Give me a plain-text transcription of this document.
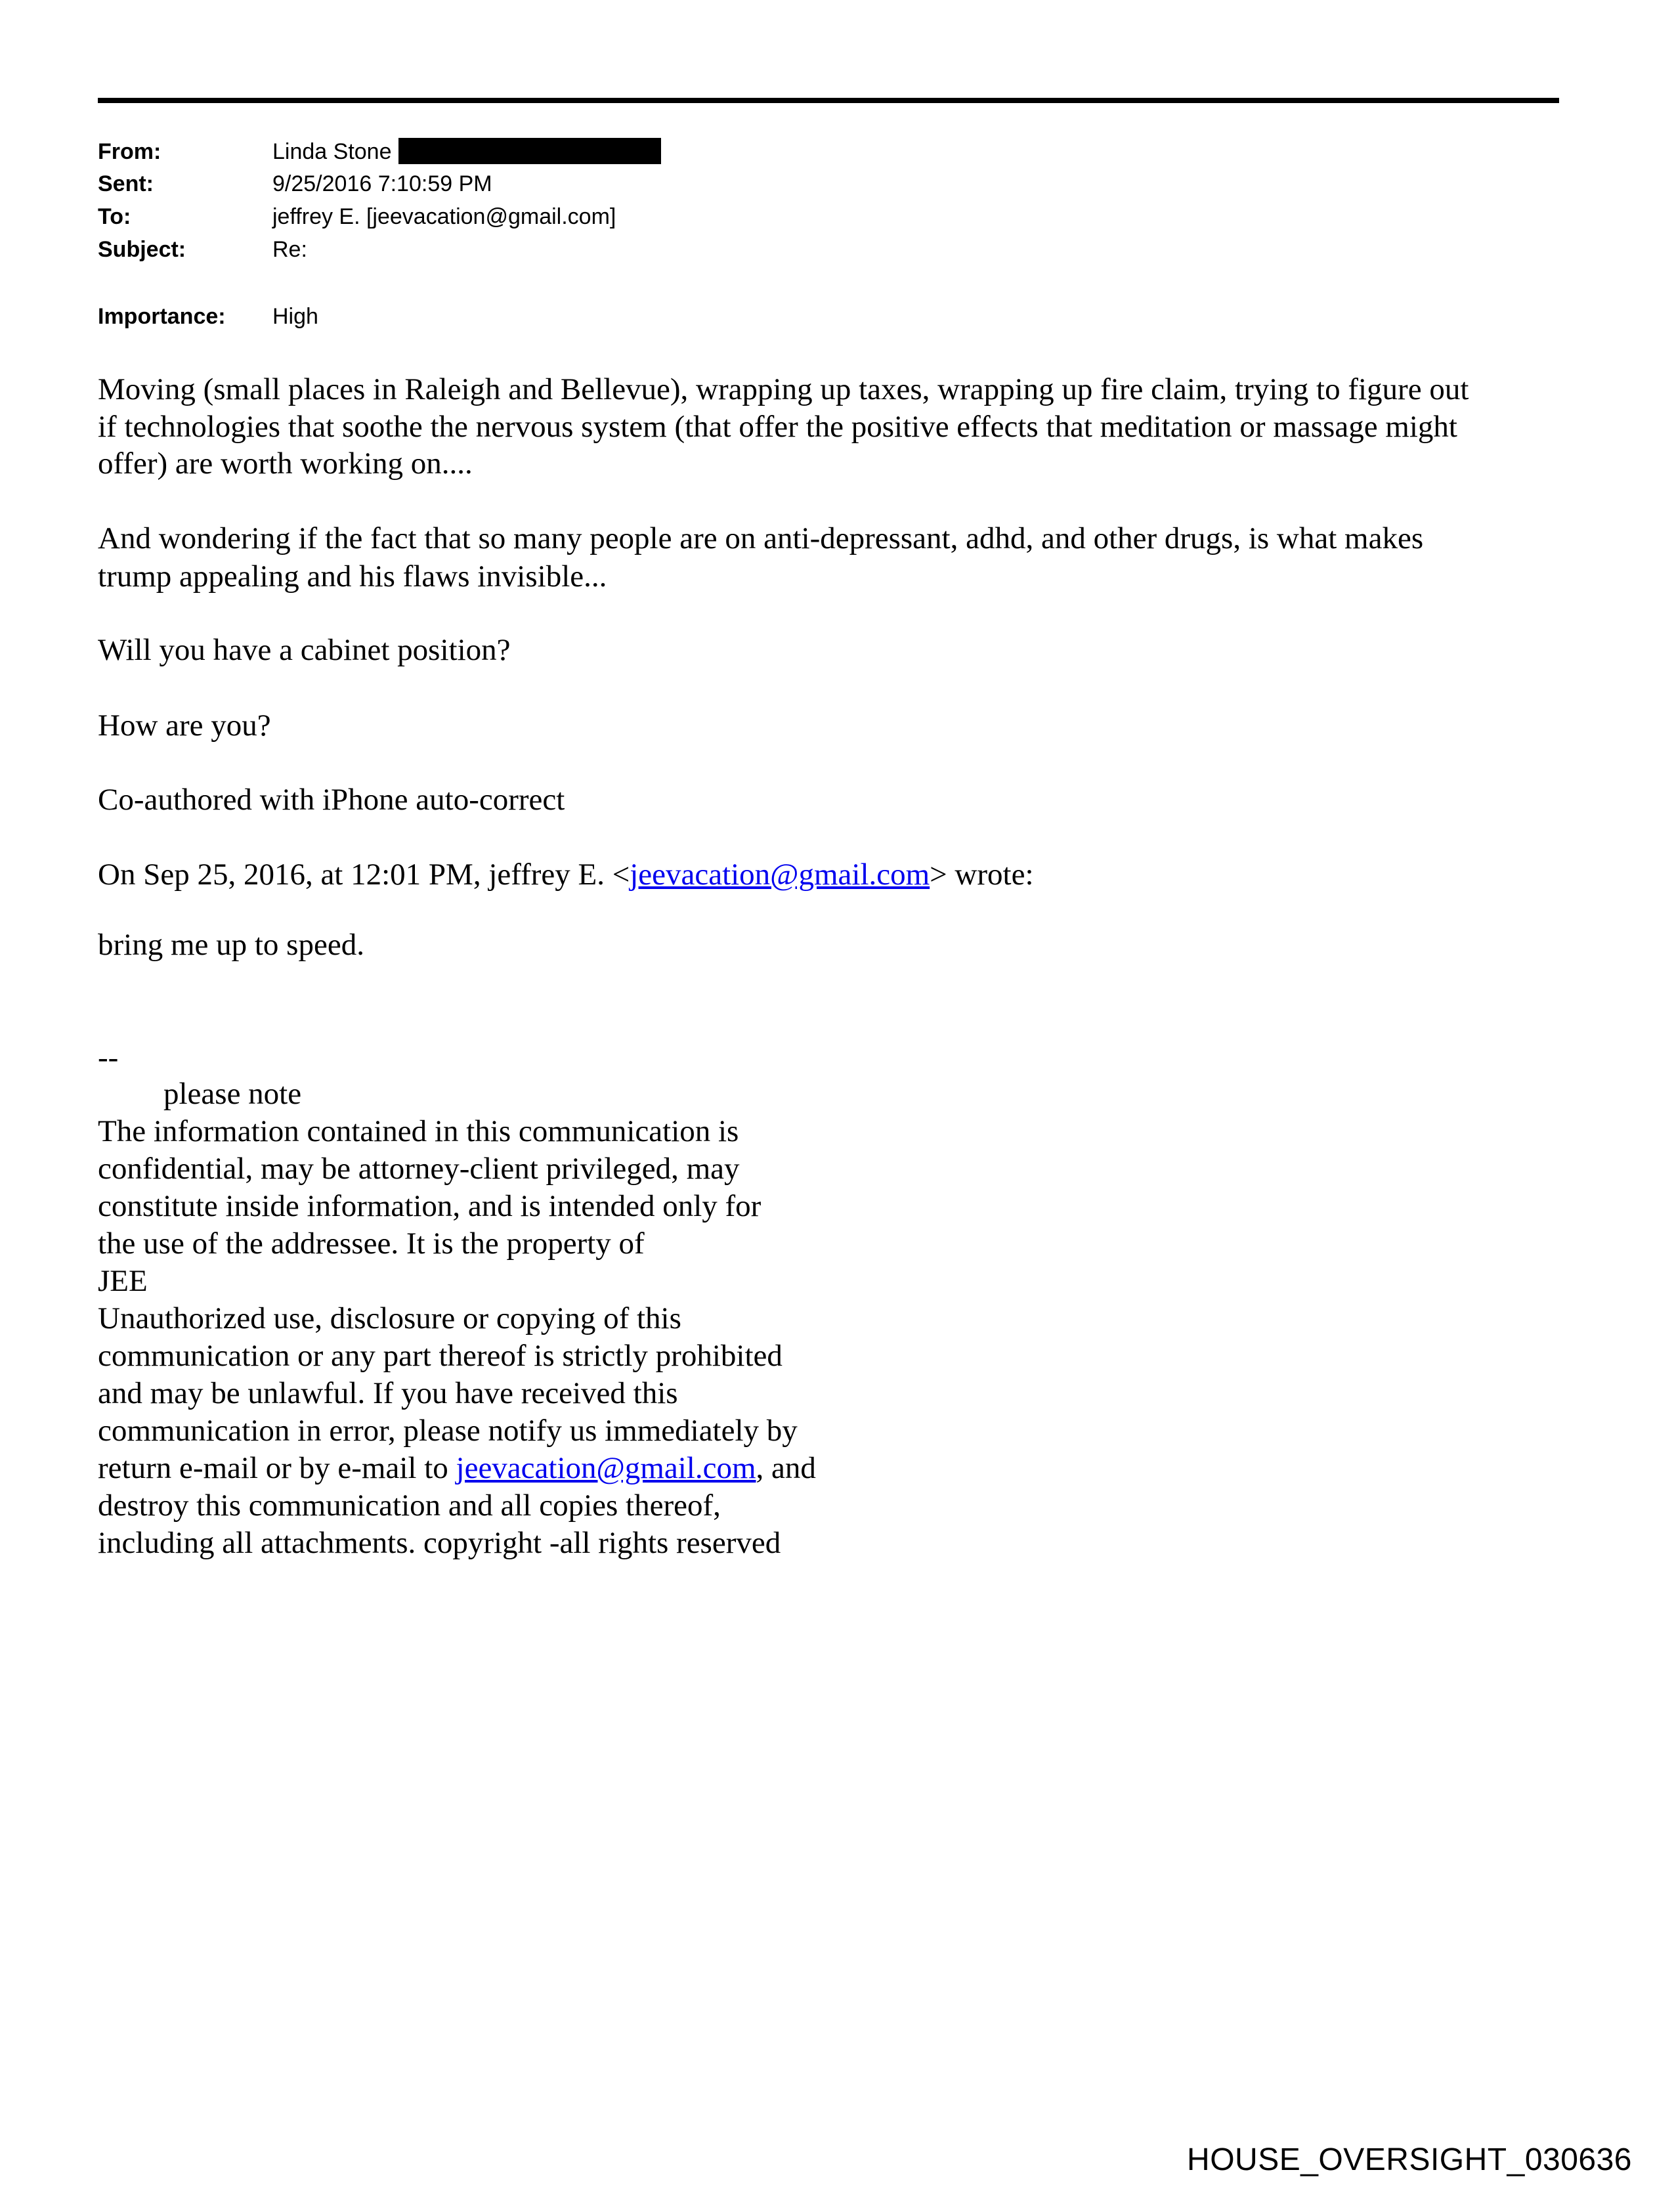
From:	Linda Stone
Sent:	9/25/2016 7:10:59 PM
To:	jeffrey E. [jeevacation@gmail.com]
Subject:	Re:
Importance: High
Moving (small places in Raleigh and Bellevue), wrapping up taxes, wrapping up fire claim, trying to figure out
if technologies that soothe the nervous system (that offer the positive effects that meditation or massage might
offer) are worth working on....
And wondering if the fact that so many people are on anti-depressant, adhd, and other drugs, is what makes
trump appealing and his flaws invisible...
Will you have a cabinet position?
How are you?
Co-authored with iPhone auto-correct
On Sep 25, 2016, at 12:01 PM, jeffrey E. <jeevacation@gmail.com> wrote:
bring me up to speed.
--
please note
The information contained in this communication is
confidential, may be attorney-client privileged, may
constitute inside information, and is intended only for
the use of the addressee. It is the property of
JEE
Unauthorized use, disclosure or copying of this
communication or any part thereof is strictly prohibited
and may be unlawful. If you have received this
communication in error, please notify us immediately by
return e-mail or by e-mail to jeevacation@gmail.com, and
destroy this communication and all copies thereof,
including all attachments. copyright -all rights reserved
HOUSE_OVERSIGHT_030636
